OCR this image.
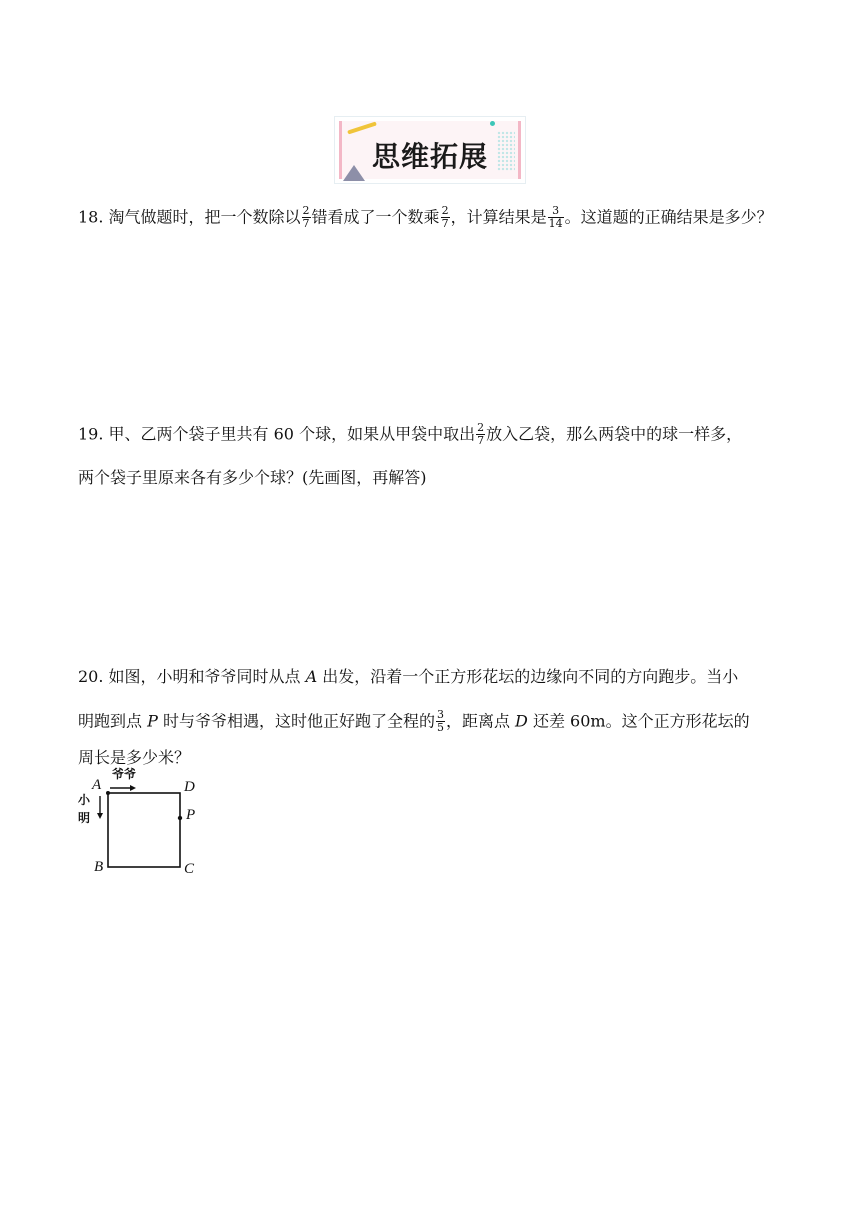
思维拓展
18. 淘气做题时，把一个数除以 $\frac{2}{7}$ 错看成了一个数乘 $\frac{2}{7}$ ，计算结果是 $\frac{3}{14}$ 。这道题的正确结果是多少？
19. 甲、乙两个袋子里共有 60 个球，如果从甲袋中取出 $\frac{2}{7}$ 放入乙袋，那么两袋中的球一样多，
两个袋子里原来各有多少个球？(先画图，再解答)
20. 如图，小明和爷爷同时从点 A 出发，沿着一个正方形花坛的边缘向不同的方向跑步。当小
明跑到点 P 时与爷爷相遇，这时他正好跑了全程的 $\frac{3}{5}$ ，距离点 D 还差 60m。这个正方形花坛的
周长是多少米？
A	D
P
B	C
爷爷
小
明
